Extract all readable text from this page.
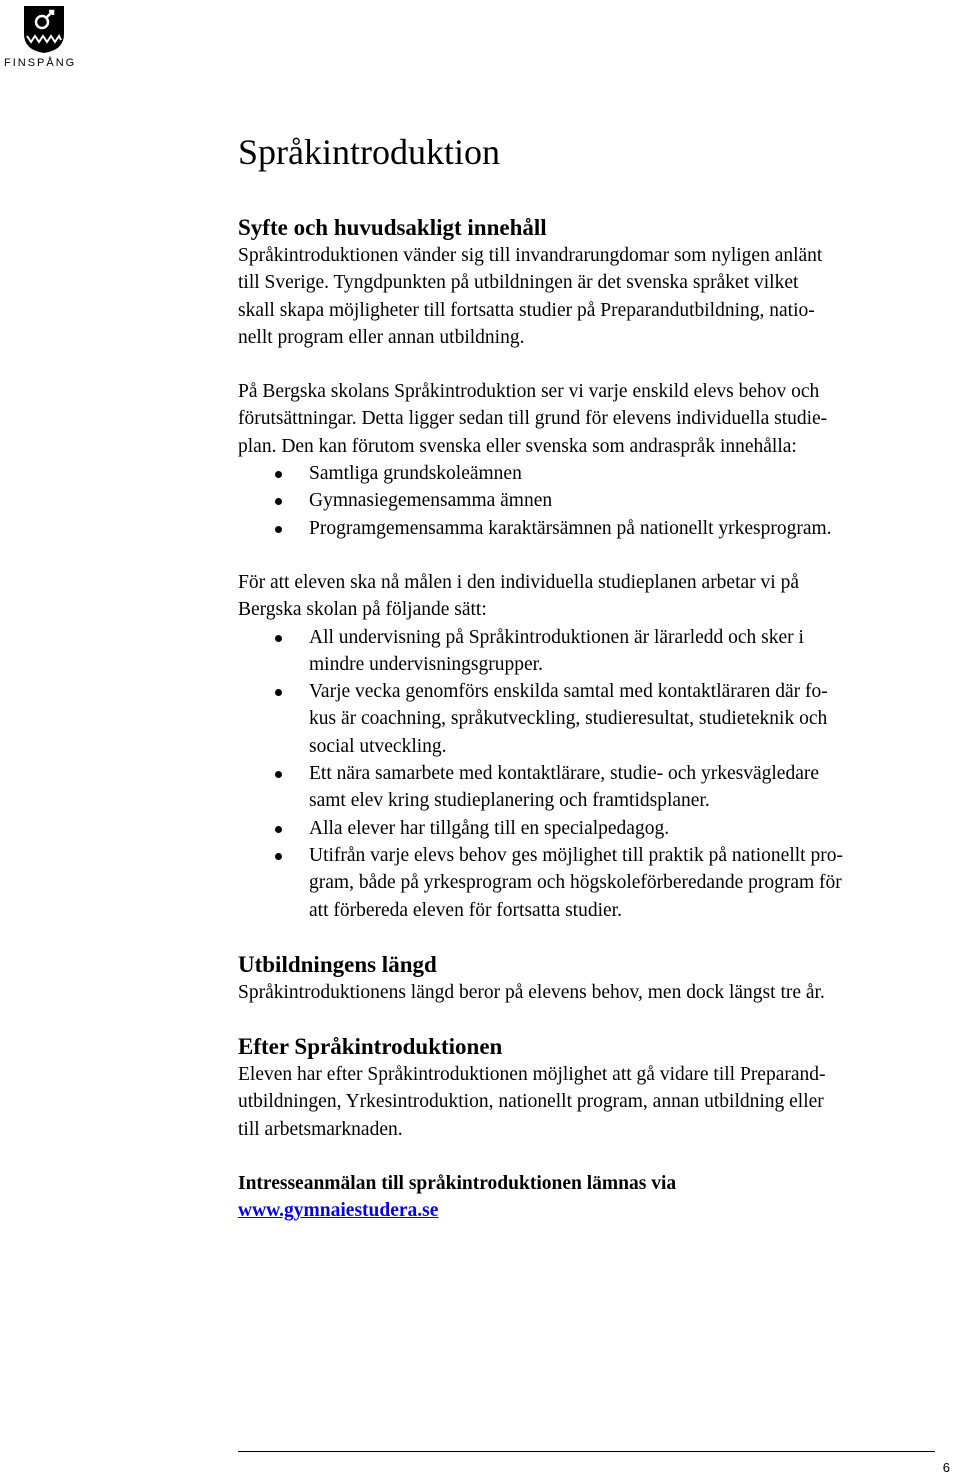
FINSPÅNG
Språkintroduktion
Syfte och huvudsakligt innehåll

Språkintroduktionen vänder sig till invandrarungdomar som nyligen anlänt
till Sverige. Tyngdpunkten på utbildningen är det svenska språket vilket
skall skapa möjligheter till fortsatta studier på Preparandutbildning, natio-
nellt program eller annan utbildning.

På Bergska skolans Språkintroduktion ser vi varje enskild elevs behov och
förutsättningar. Detta ligger sedan till grund för elevens individuella studie-
plan. Den kan förutom svenska eller svenska som andraspråk innehålla:

Samtliga grundskoleämnen
Gymnasiegemensamma ämnen
Programgemensamma karaktärsämnen på nationellt yrkesprogram.

För att eleven ska nå målen i den individuella studieplanen arbetar vi på
Bergska skolan på följande sätt:

All undervisning på Språkintroduktionen är lärarledd och sker i
mindre undervisningsgrupper.
Varje vecka genomförs enskilda samtal med kontaktläraren där fo-
kus är coachning, språkutveckling, studieresultat, studieteknik och
social utveckling.
Ett nära samarbete med kontaktlärare, studie- och yrkesvägledare
samt elev kring studieplanering och framtidsplaner.
Alla elever har tillgång till en specialpedagog.
Utifrån varje elevs behov ges möjlighet till praktik på nationellt pro-
gram, både på yrkesprogram och högskoleförberedande program för
att förbereda eleven för fortsatta studier.
Utbildningens längd

Språkintroduktionens längd beror på elevens behov, men dock längst tre år.

Efter Språkintroduktionen

Eleven har efter Språkintroduktionen möjlighet att gå vidare till Preparand-
utbildningen, Yrkesintroduktion, nationellt program, annan utbildning eller
till arbetsmarknaden.

Intresseanmälan till språkintroduktionen lämnas via

www.gymnaiestudera.se

6
